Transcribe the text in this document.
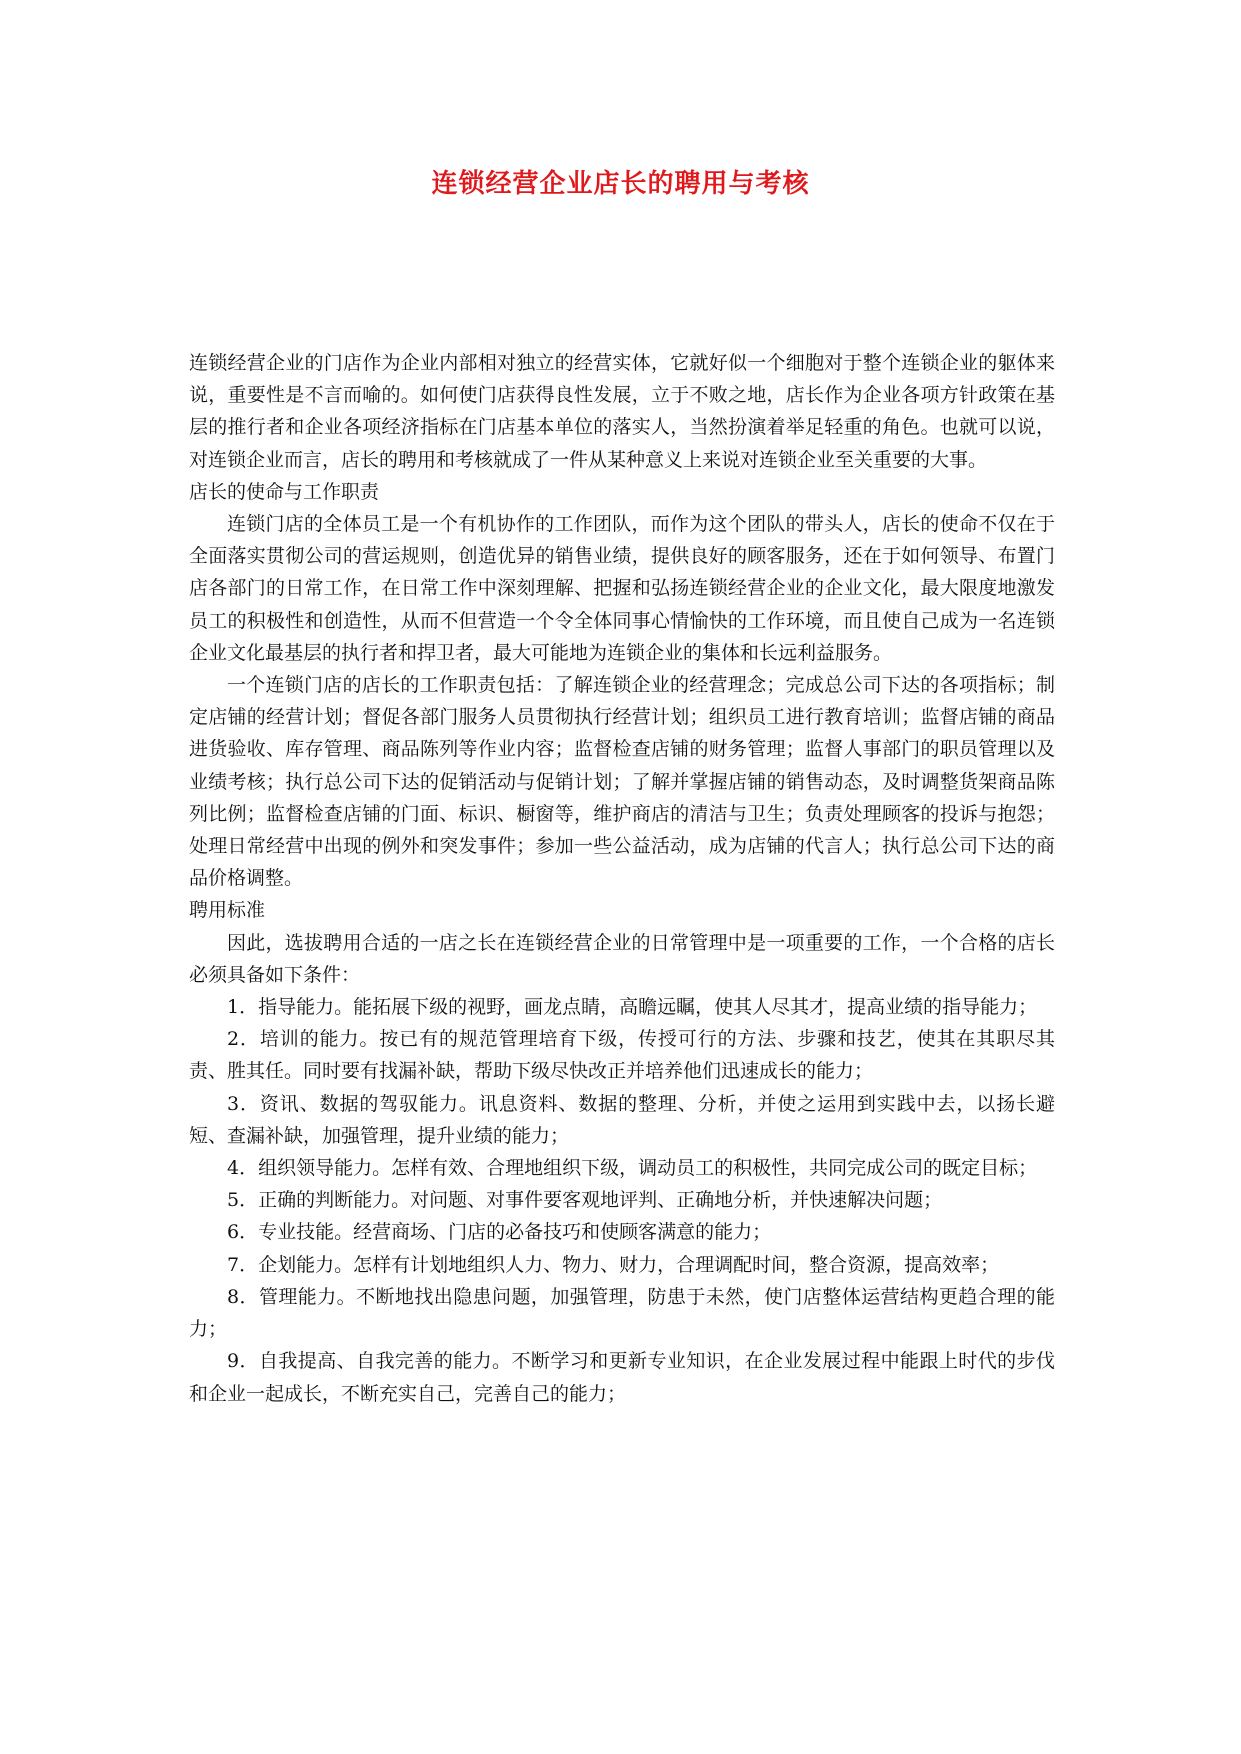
连锁经营企业店长的聘用与考核

连锁经营企业的门店作为企业内部相对独立的经营实体，它就好似一个细胞对于整个连锁企业的躯体来说，重要性是不言而喻的。如何使门店获得良性发展，立于不败之地，店长作为企业各项方针政策在基层的推行者和企业各项经济指标在门店基本单位的落实人，当然扮演着举足轻重的角色。也就可以说，对连锁企业而言，店长的聘用和考核就成了一件从某种意义上来说对连锁企业至关重要的大事。

店长的使命与工作职责

连锁门店的全体员工是一个有机协作的工作团队，而作为这个团队的带头人，店长的使命不仅在于全面落实贯彻公司的营运规则，创造优异的销售业绩，提供良好的顾客服务，还在于如何领导、布置门店各部门的日常工作，在日常工作中深刻理解、把握和弘扬连锁经营企业的企业文化，最大限度地激发员工的积极性和创造性，从而不但营造一个令全体同事心情愉快的工作环境，而且使自己成为一名连锁企业文化最基层的执行者和捍卫者，最大可能地为连锁企业的集体和长远利益服务。

一个连锁门店的店长的工作职责包括：了解连锁企业的经营理念；完成总公司下达的各项指标；制定店铺的经营计划；督促各部门服务人员贯彻执行经营计划；组织员工进行教育培训；监督店铺的商品进货验收、库存管理、商品陈列等作业内容；监督检查店铺的财务管理；监督人事部门的职员管理以及业绩考核；执行总公司下达的促销活动与促销计划；了解并掌握店铺的销售动态，及时调整货架商品陈列比例；监督检查店铺的门面、标识、橱窗等，维护商店的清洁与卫生；负责处理顾客的投诉与抱怨；处理日常经营中出现的例外和突发事件；参加一些公益活动，成为店铺的代言人；执行总公司下达的商品价格调整。

聘用标准

因此，选拔聘用合适的一店之长在连锁经营企业的日常管理中是一项重要的工作，一个合格的店长必须具备如下条件：

1．指导能力。能拓展下级的视野，画龙点睛，高瞻远瞩，使其人尽其才，提高业绩的指导能力；

2．培训的能力。按已有的规范管理培育下级，传授可行的方法、步骤和技艺，使其在其职尽其责、胜其任。同时要有找漏补缺，帮助下级尽快改正并培养他们迅速成长的能力；

3．资讯、数据的驾驭能力。讯息资料、数据的整理、分析，并使之运用到实践中去，以扬长避短、查漏补缺，加强管理，提升业绩的能力；

4．组织领导能力。怎样有效、合理地组织下级，调动员工的积极性，共同完成公司的既定目标；

5．正确的判断能力。对问题、对事件要客观地评判、正确地分析，并快速解决问题；

6．专业技能。经营商场、门店的必备技巧和使顾客满意的能力；

7．企划能力。怎样有计划地组织人力、物力、财力，合理调配时间，整合资源，提高效率；

8．管理能力。不断地找出隐患问题，加强管理，防患于未然，使门店整体运营结构更趋合理的能力；

9．自我提高、自我完善的能力。不断学习和更新专业知识，在企业发展过程中能跟上时代的步伐和企业一起成长，不断充实自己，完善自己的能力；
